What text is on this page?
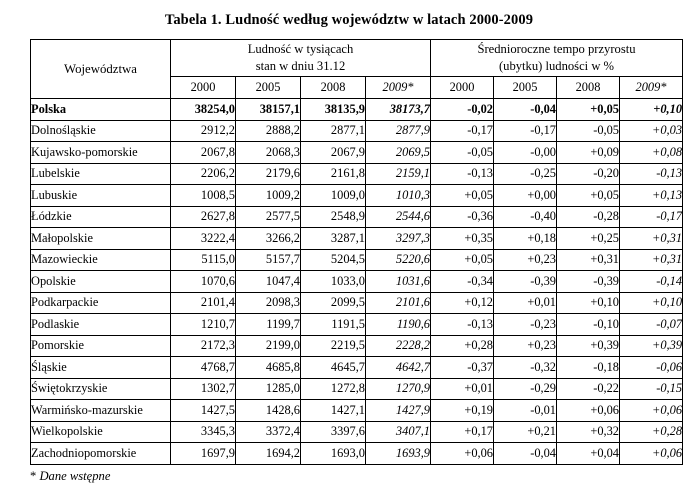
Tabela 1. Ludność według województw w latach 2000-2009
Województwa	
Ludność w tysiącach
stan w dniu 31.12

Średnioroczne tempo przyrostu
(ubytku) ludności w %

	2000	2005	2008	2009*	2000	2005	2008	2009*
Polska	38254,0	38157,1	38135,9	38173,7	-0,02	-0,04	+0,05	+0,10
Dolnośląskie	2912,2	2888,2	2877,1	2877,9	-0,17	-0,17	-0,05	+0,03
Kujawsko-pomorskie	2067,8	2068,3	2067,9	2069,5	-0,05	-0,00	+0,09	+0,08
Lubelskie	2206,2	2179,6	2161,8	2159,1	-0,13	-0,25	-0,20	-0,13
Lubuskie	1008,5	1009,2	1009,0	1010,3	+0,05	+0,00	+0,05	+0,13
Łódzkie	2627,8	2577,5	2548,9	2544,6	-0,36	-0,40	-0,28	-0,17
Małopolskie	3222,4	3266,2	3287,1	3297,3	+0,35	+0,18	+0,25	+0,31
Mazowieckie	5115,0	5157,7	5204,5	5220,6	+0,05	+0,23	+0,31	+0,31
Opolskie	1070,6	1047,4	1033,0	1031,6	-0,34	-0,39	-0,39	-0,14
Podkarpackie	2101,4	2098,3	2099,5	2101,6	+0,12	+0,01	+0,10	+0,10
Podlaskie	1210,7	1199,7	1191,5	1190,6	-0,13	-0,23	-0,10	-0,07
Pomorskie	2172,3	2199,0	2219,5	2228,2	+0,28	+0,23	+0,39	+0,39
Śląskie	4768,7	4685,8	4645,7	4642,7	-0,37	-0,32	-0,18	-0,06
Świętokrzyskie	1302,7	1285,0	1272,8	1270,9	+0,01	-0,29	-0,22	-0,15
Warmińsko-mazurskie	1427,5	1428,6	1427,1	1427,9	+0,19	-0,01	+0,06	+0,06
Wielkopolskie	3345,3	3372,4	3397,6	3407,1	+0,17	+0,21	+0,32	+0,28
Zachodniopomorskie	1697,9	1694,2	1693,0	1693,9	+0,06	-0,04	+0,04	+0,06
* Dane wstępne
